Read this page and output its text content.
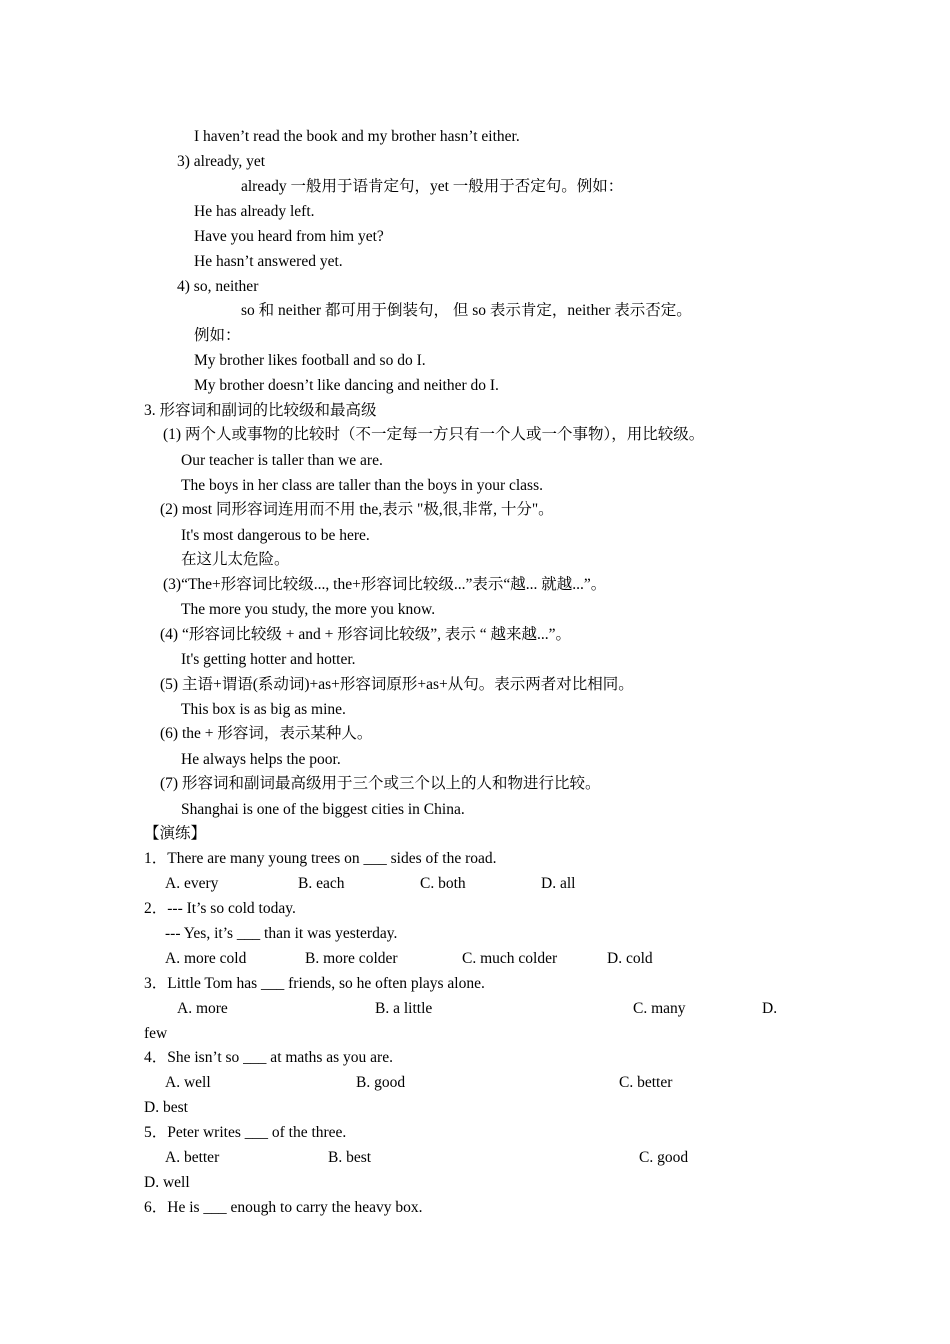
I haven’t read the book and my brother hasn’t either.
3) already, yet
already 一般用于语肯定句，yet 一般用于否定句。例如：
He has already left.
Have you heard from him yet?
He hasn’t answered yet.
4) so, neither
so 和 neither 都可用于倒装句， 但 so 表示肯定，neither 表示否定。
例如：
My brother likes football and so do I.
My brother doesn’t like dancing and neither do I.
3. 形容词和副词的比较级和最高级
(1) 两个人或事物的比较时（不一定每一方只有一个人或一个事物），用比较级。
Our teacher is taller than we are.
The boys in her class are taller than the boys in your class.
(2) most 同形容词连用而不用 the,表示 "极,很,非常, 十分"。
It's most dangerous to be here.
在这儿太危险。
(3)“The+形容词比较级..., the+形容词比较级...”表示“越... 就越...”。
The more you study, the more you know.
(4) “形容词比较级 + and + 形容词比较级”, 表示 “ 越来越...”。
It's getting hotter and hotter.
(5) 主语+谓语(系动词)+as+形容词原形+as+从句。表示两者对比相同。
This box is as big as mine.
(6) the + 形容词，表示某种人。
He always helps the poor.
(7) 形容词和副词最高级用于三个或三个以上的人和物进行比较。
Shanghai is one of the biggest cities in China.
【演练】
1．There are many young trees on ___ sides of the road.
A. every	B. each	C. both	D. all
2．--- It’s so cold today.
--- Yes, it’s ___ than it was yesterday.
A. more cold	B. more colder	C. much colder	D. cold
3．Little Tom has ___ friends, so he often plays alone.
A. more	B. a little	C. many	D.
few
4．She isn’t so ___ at maths as you are.
A. well	B. good	C. better
D. best
5．Peter writes ___ of the three.
A. better	B. best	C. good
D. well
6．He is ___ enough to carry the heavy box.
